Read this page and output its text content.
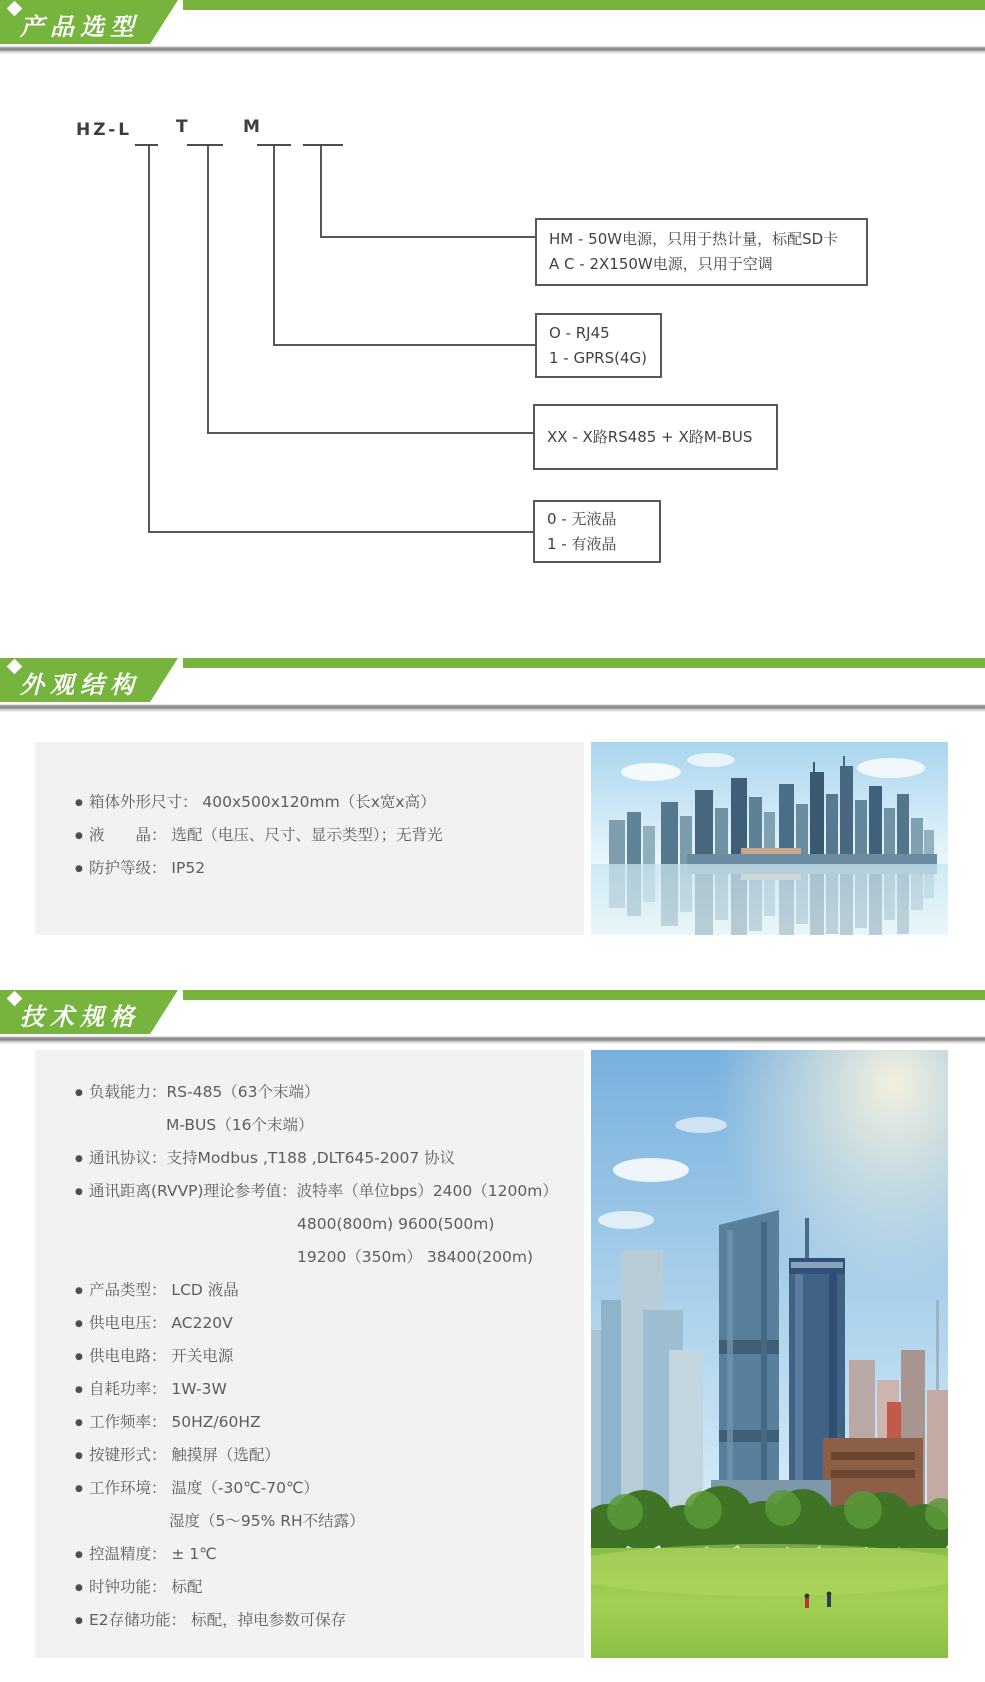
产品选型
HZ-L	T	M
HM - 50W电源，只用于热计量，标配SD卡
A C - 2X150W电源，只用于空调
O - RJ45
1 - GPRS(4G)
XX - X路RS485 + X路M-BUS
0 - 无液晶
1 - 有液晶
外观结构
● 箱体外形尺寸： 400x500x120mm（长x宽x高）
● 液　　晶： 选配（电压、尺寸、显示类型）；无背光
● 防护等级： IP52
技术规格
● 负载能力：RS-485（63个末端）
M-BUS（16个末端）
● 通讯协议：支持Modbus ,T188 ,DLT645-2007 协议
● 通讯距离(RVVP)理论参考值：波特率（单位bps）2400（1200m）
4800(800m) 9600(500m)
19200（350m） 38400(200m)
● 产品类型： LCD 液晶
● 供电电压： AC220V
● 供电电路： 开关电源
● 自耗功率： 1W-3W
● 工作频率： 50HZ/60HZ
● 按键形式： 触摸屏（选配）
● 工作环境： 温度（-30℃-70℃）
湿度（5～95% RH不结露）
● 控温精度： ± 1℃
● 时钟功能： 标配
● E2存储功能： 标配，掉电参数可保存
